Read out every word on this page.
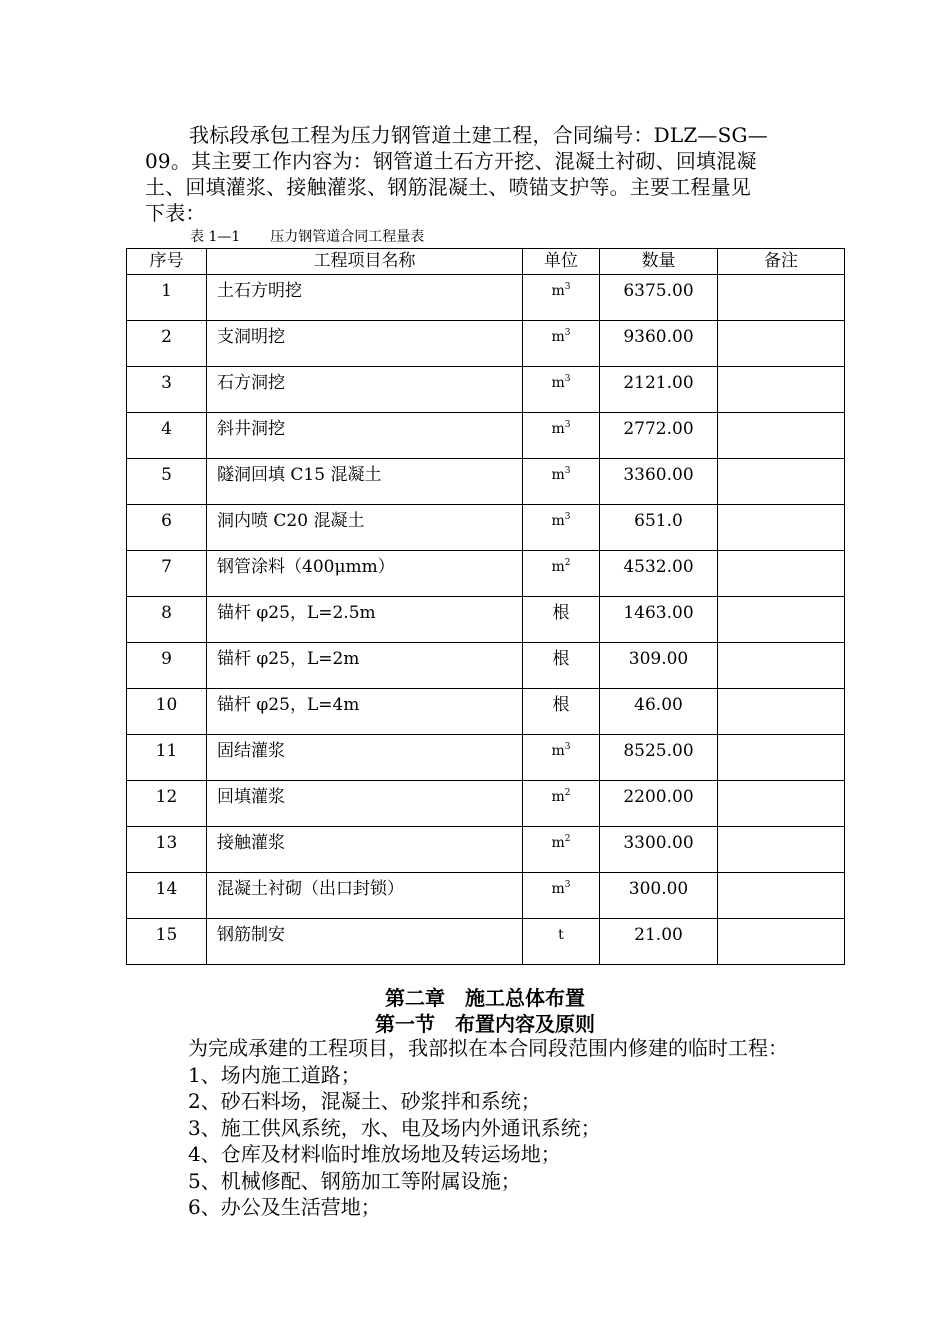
我标段承包工程为压力钢管道土建工程，合同编号：DLZ—SG—
09。其主要工作内容为：钢管道土石方开挖、混凝土衬砌、回填混凝
土、回填灌浆、接触灌浆、钢筋混凝土、喷锚支护等。主要工程量见
下表：
表 1—1 压力钢管道合同工程量表
序号	工程项目名称	单位	数量	备注
1	土石方明挖	$m^3$	6375.00	
2	支洞明挖	$m^3$	9360.00	
3	石方洞挖	$m^3$	2121.00	
4	斜井洞挖	$m^3$	2772.00	
5	隧洞回填 C15 混凝土	$m^3$	3360.00	
6	洞内喷 C20 混凝土	$m^3$	651.0	
7	钢管涂料（400μmm）	$m^2$	4532.00	
8	锚杆 φ25，L=2.5m	根	1463.00	
9	锚杆 φ25，L=2m	根	309.00	
10	锚杆 φ25，L=4m	根	46.00	
11	固结灌浆	$m^3$	8525.00	
12	回填灌浆	$m^2$	2200.00	
13	接触灌浆	$m^2$	3300.00	
14	混凝土衬砌（出口封锁）	$m^3$	300.00	
15	钢筋制安	t	21.00	
第二章　施工总体布置
第一节　布置内容及原则
为完成承建的工程项目，我部拟在本合同段范围内修建的临时工程：
1、场内施工道路；
2、砂石料场，混凝土、砂浆拌和系统；
3、施工供风系统，水、电及场内外通讯系统；
4、仓库及材料临时堆放场地及转运场地；
5、机械修配、钢筋加工等附属设施；
6、办公及生活营地；
